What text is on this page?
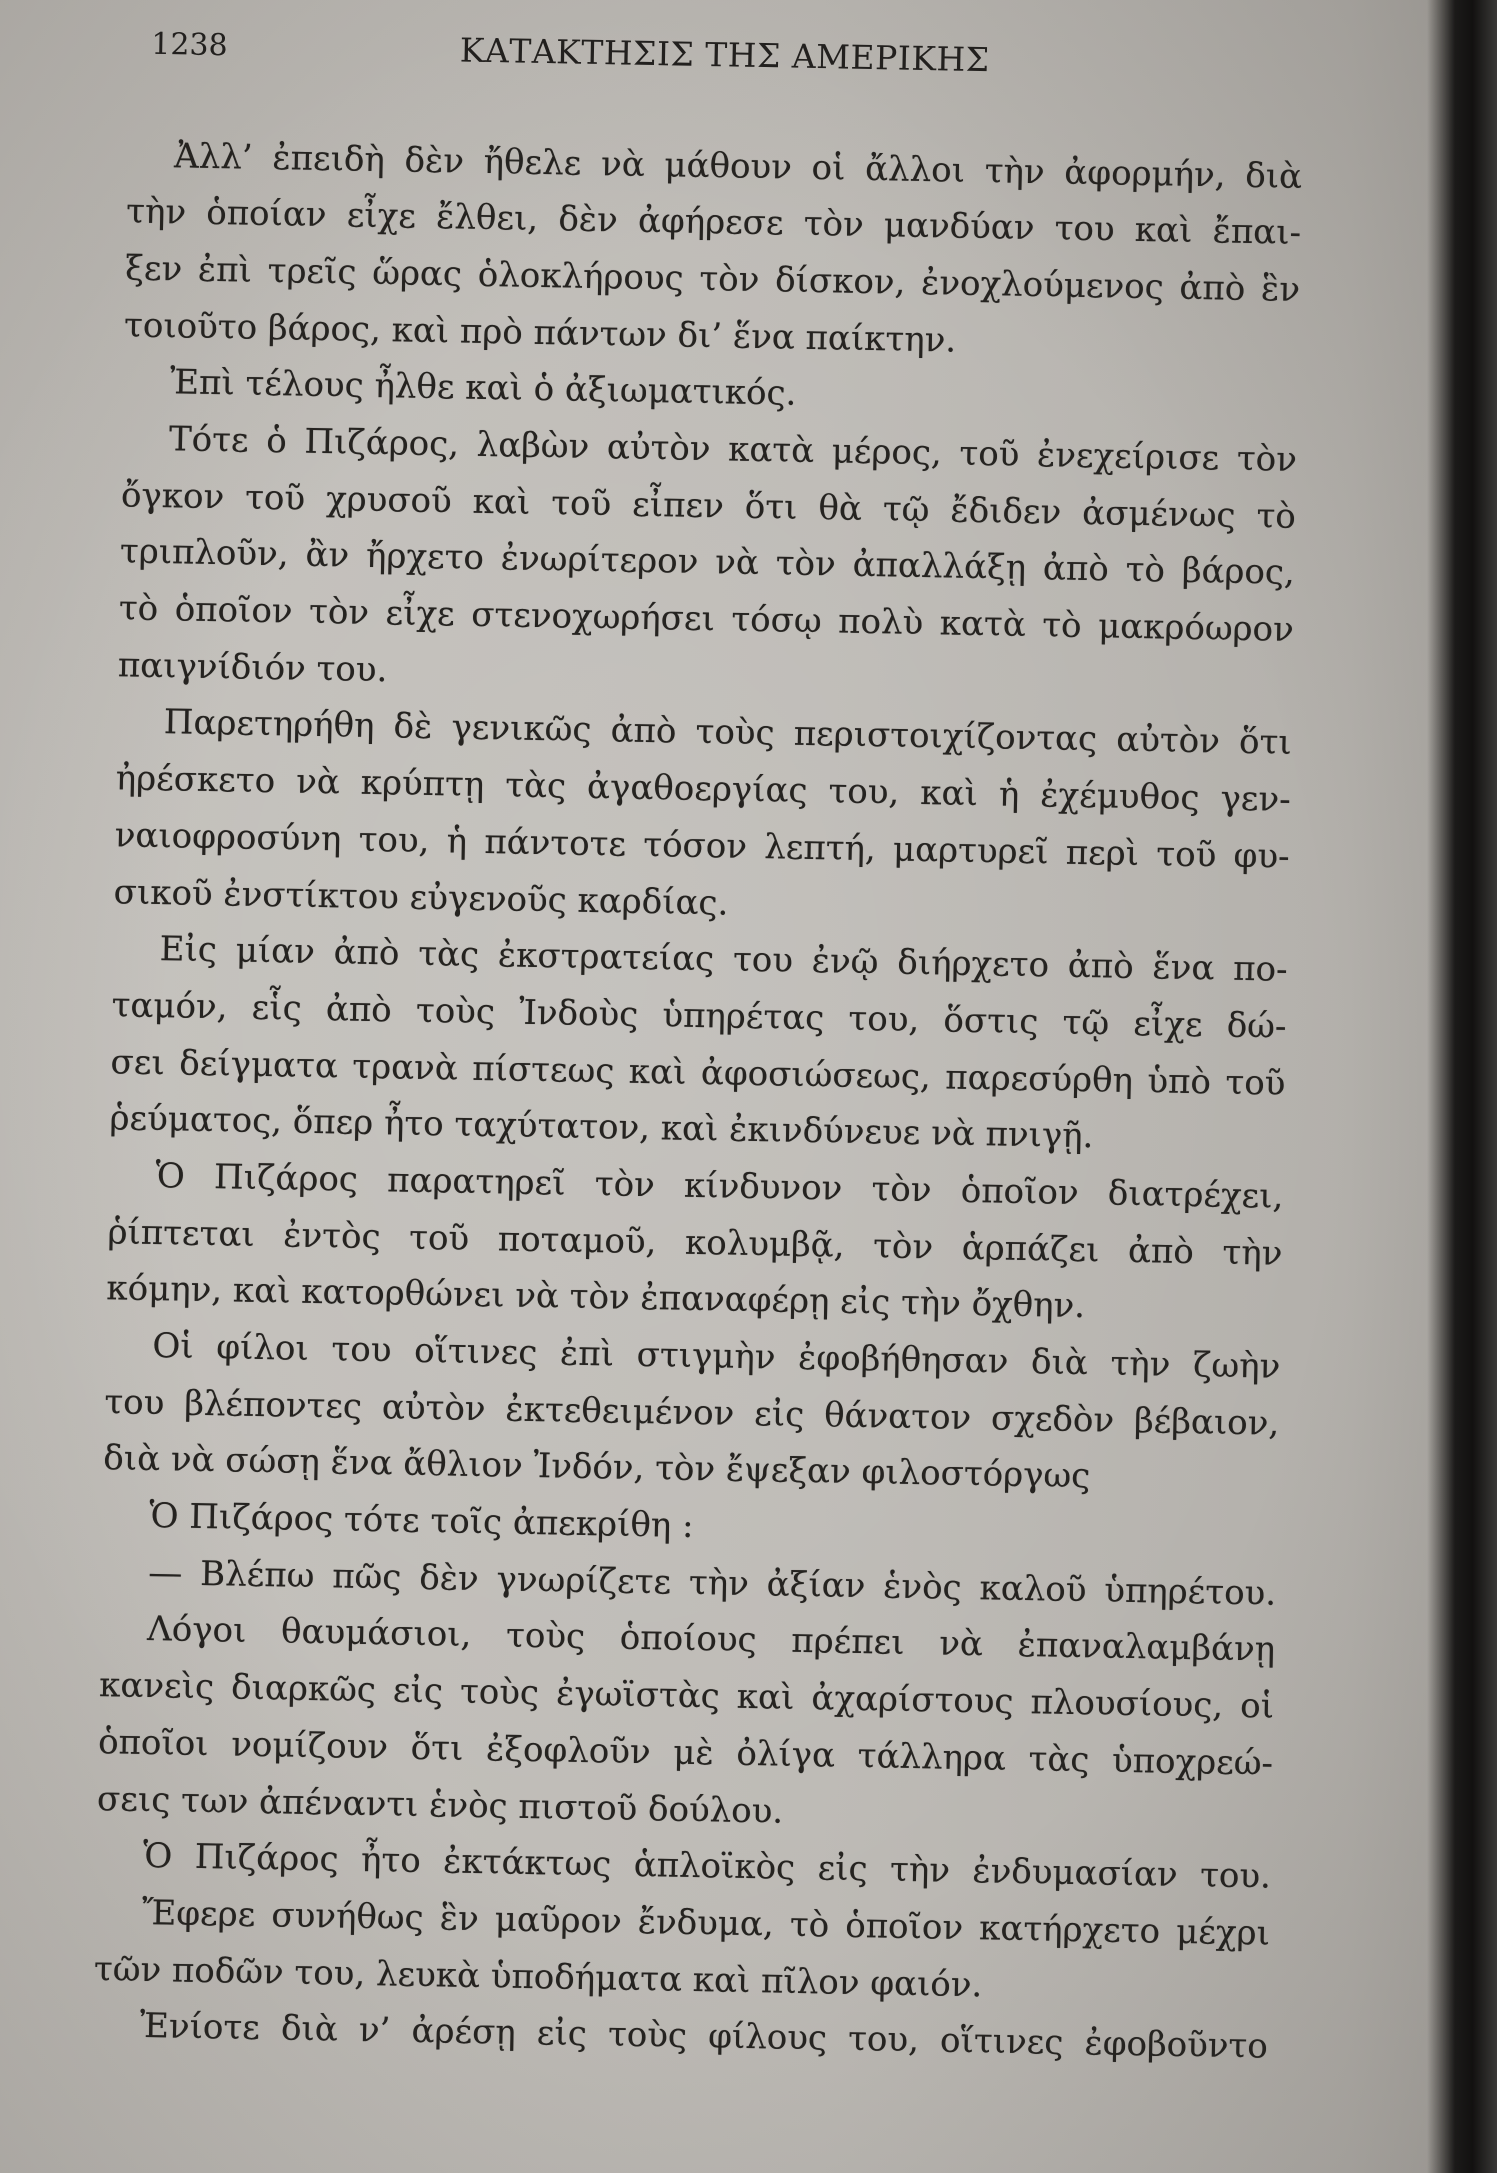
1238	ΚΑΤΑΚΤΗΣΙΣ ΤΗΣ ΑΜΕΡΙΚΗΣ
Ἀλλ’ ἐπειδὴ δὲν ἤθελε νὰ μάθουν οἱ ἄλλοι τὴν ἀφορμήν, διὰ
τὴν ὁποίαν εἶχε ἔλθει, δὲν ἀφήρεσε τὸν μανδύαν του καὶ ἔπαι-
ξεν ἐπὶ τρεῖς ὥρας ὁλοκλήρους τὸν δίσκον, ἐνοχλούμενος ἀπὸ ἓν
τοιοῦτο βάρος, καὶ πρὸ πάντων δι’ ἕνα παίκτην.
Ἐπὶ τέλους ἦλθε καὶ ὁ ἀξιωματικός.
Τότε ὁ Πιζάρος, λαβὼν αὐτὸν κατὰ μέρος, τοῦ ἐνεχείρισε τὸν
ὄγκον τοῦ χρυσοῦ καὶ τοῦ εἶπεν ὅτι θὰ τῷ ἔδιδεν ἀσμένως τὸ
τριπλοῦν, ἂν ἤρχετο ἐνωρίτερον νὰ τὸν ἀπαλλάξῃ ἀπὸ τὸ βάρος,
τὸ ὁποῖον τὸν εἶχε στενοχωρήσει τόσῳ πολὺ κατὰ τὸ μακρόωρον
παιγνίδιόν του.
Παρετηρήθη δὲ γενικῶς ἀπὸ τοὺς περιστοιχίζοντας αὐτὸν ὅτι
ἠρέσκετο νὰ κρύπτῃ τὰς ἀγαθοεργίας του, καὶ ἡ ἐχέμυθος γεν-
ναιοφροσύνη του, ἡ πάντοτε τόσον λεπτή, μαρτυρεῖ περὶ τοῦ φυ-
σικοῦ ἐνστίκτου εὐγενοῦς καρδίας.
Εἰς μίαν ἀπὸ τὰς ἐκστρατείας του ἐνῷ διήρχετο ἀπὸ ἕνα πο-
ταμόν, εἷς ἀπὸ τοὺς Ἰνδοὺς ὑπηρέτας του, ὅστις τῷ εἶχε δώ-
σει δείγματα τρανὰ πίστεως καὶ ἀφοσιώσεως, παρεσύρθη ὑπὸ τοῦ
ῥεύματος, ὅπερ ἦτο ταχύτατον, καὶ ἐκινδύνευε νὰ πνιγῇ.
Ὁ Πιζάρος παρατηρεῖ τὸν κίνδυνον τὸν ὁποῖον διατρέχει,
ῥίπτεται ἐντὸς τοῦ ποταμοῦ, κολυμβᾷ, τὸν ἁρπάζει ἀπὸ τὴν
κόμην, καὶ κατορθώνει νὰ τὸν ἐπαναφέρῃ εἰς τὴν ὄχθην.
Οἱ φίλοι του οἵτινες ἐπὶ στιγμὴν ἐφοβήθησαν διὰ τὴν ζωὴν
του βλέποντες αὐτὸν ἐκτεθειμένον εἰς θάνατον σχεδὸν βέβαιον,
διὰ νὰ σώσῃ ἕνα ἄθλιον Ἰνδόν, τὸν ἔψεξαν φιλοστόργως
Ὁ Πιζάρος τότε τοῖς ἀπεκρίθη :
— Βλέπω πῶς δὲν γνωρίζετε τὴν ἀξίαν ἑνὸς καλοῦ ὑπηρέτου.
Λόγοι θαυμάσιοι, τοὺς ὁποίους πρέπει νὰ ἐπαναλαμβάνῃ
κανεὶς διαρκῶς εἰς τοὺς ἐγωϊστὰς καὶ ἀχαρίστους πλουσίους, οἱ
ὁποῖοι νομίζουν ὅτι ἐξοφλοῦν μὲ ὀλίγα τάλληρα τὰς ὑποχρεώ-
σεις των ἀπέναντι ἑνὸς πιστοῦ δούλου.
Ὁ Πιζάρος ἦτο ἐκτάκτως ἁπλοϊκὸς εἰς τὴν ἐνδυμασίαν του.
Ἔφερε συνήθως ἓν μαῦρον ἔνδυμα, τὸ ὁποῖον κατήρχετο μέχρι
τῶν ποδῶν του, λευκὰ ὑποδήματα καὶ πῖλον φαιόν.
Ἐνίοτε διὰ ν’ ἀρέσῃ εἰς τοὺς φίλους του, οἵτινες ἐφοβοῦντο
